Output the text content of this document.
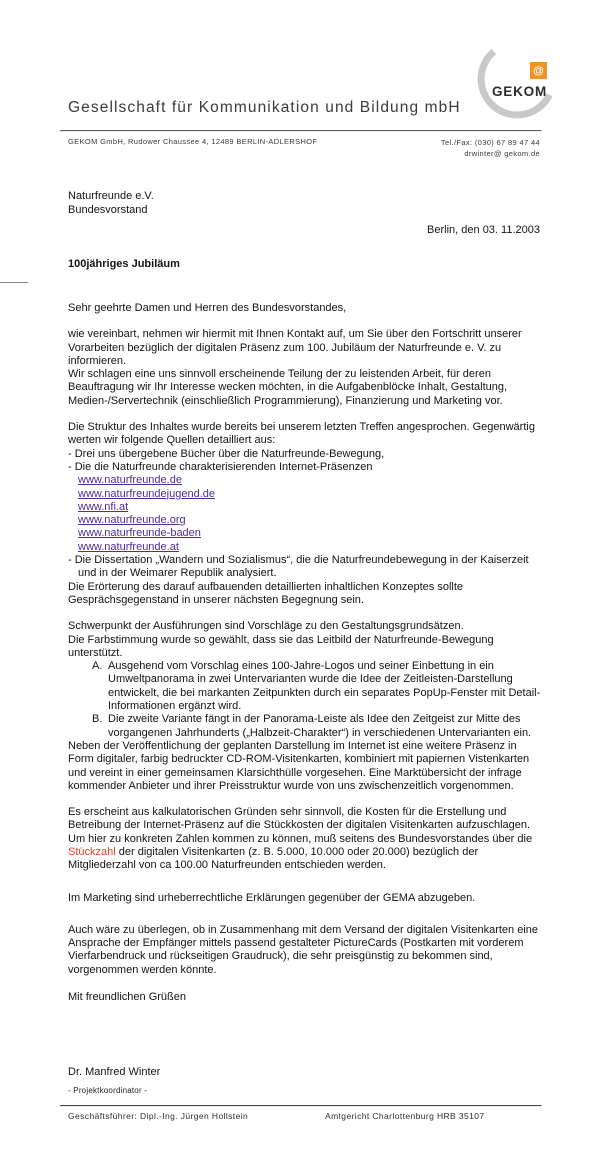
@
GEKOM
Gesellschaft für Kommunikation und Bildung mbH
GEKOM GmbH, Rudower Chaussee 4, 12489 BERLIN-ADLERSHOF	Tel./Fax: (030) 67 89 47 44
drwinter@ gekom.de
Naturfreunde e.V.
Bundesvorstand
Berlin, den 03. 11.2003
100jähriges Jubiläum

Sehr geehrte Damen und Herren des Bundesvorstandes,

wie vereinbart, nehmen wir hiermit mit Ihnen Kontakt auf, um Sie über den Fortschritt unserer Vorarbeiten bezüglich der digitalen Präsenz zum 100. Jubiläum der Naturfreunde e. V. zu informieren.

Wir schlagen eine uns sinnvoll erscheinende Teilung der zu leistenden Arbeit, für deren Beauftragung wir Ihr Interesse wecken möchten, in die Aufgabenblöcke Inhalt, Gestaltung, Medien-/Servertechnik (einschließlich Programmierung), Finanzierung und Marketing vor.

Die Struktur des Inhaltes wurde bereits bei unserem letzten Treffen angesprochen. Gegenwärtig werten wir folgende Quellen detailliert aus:

- Drei uns übergebene Bücher über die Naturfreunde-Bewegung,

- Die die Naturfreunde charakterisierenden Internet-Präsenzen

www.naturfreunde.de
www.naturfreundejugend.de
www.nfi.at
www.naturfreunde.org
www.naturfreunde-baden
www.naturfreunde.at

- Die Dissertation „Wandern und Sozialismus“, die die Naturfreundebewegung in der Kaiserzeit und in der Weimarer Republik analysiert.

Die Erörterung des darauf aufbauenden detaillierten inhaltlichen Konzeptes sollte Gesprächsgegenstand in unserer nächsten Begegnung sein.

Schwerpunkt der Ausführungen sind Vorschläge zu den Gestaltungsgrundsätzen.

Die Farbstimmung wurde so gewählt, dass sie das Leitbild der Naturfreunde-Bewegung unterstützt.

A. Ausgehend vom Vorschlag eines 100-Jahre-Logos und seiner Einbettung in ein Umweltpanorama in zwei Untervarianten wurde die Idee der Zeitleisten-Darstellung entwickelt, die bei markanten Zeitpunkten durch ein separates PopUp-Fenster mit Detail-Informationen ergänzt wird.
B. Die zweite Variante fängt in der Panorama-Leiste als Idee den Zeitgeist zur Mitte des vorgangenen Jahrhunderts („Halbzeit-Charakter“) in verschiedenen Untervarianten ein.

Neben der Veröffentlichung der geplanten Darstellung im Internet ist eine weitere Präsenz in Form digitaler, farbig bedruckter CD-ROM-Visitenkarten, kombiniert mit papiernen Vistenkarten und vereint in einer gemeinsamen Klarsichthülle vorgesehen. Eine Marktübersicht der infrage kommender Anbieter und ihrer Preisstruktur wurde von uns zwischenzeitlich vorgenommen.

Es erscheint aus kalkulatorischen Gründen sehr sinnvoll, die Kosten für die Erstellung und Betreibung der Internet-Präsenz auf die Stückkosten der digitalen Visitenkarten aufzuschlagen. Um hier zu konkreten Zahlen kommen zu können, muß seitens des Bundesvorstandes über die Stückzahl der digitalen Visitenkarten (z. B. 5.000, 10.000 oder 20.000) bezüglich der Mitgliederzahl von ca 100.00 Naturfreunden entschieden werden.

Im Marketing sind urheberrechtliche Erklärungen gegenüber der GEMA abzugeben.

Auch wäre zu überlegen, ob in Zusammenhang mit dem Versand der digitalen Visitenkarten eine Ansprache der Empfänger mittels passend gestalteter PictureCards (Postkarten mit vorderem Vierfarbendruck und rückseitigen Graudruck), die sehr preisgünstig zu bekommen sind, vorgenommen werden könnte.

Mit freundlichen Grüßen

Dr. Manfred Winter

- Projektkoordinator -

Geschäftsführer: Dipl.-Ing. Jürgen Hollstein	Amtgericht Charlottenburg HRB 35107
